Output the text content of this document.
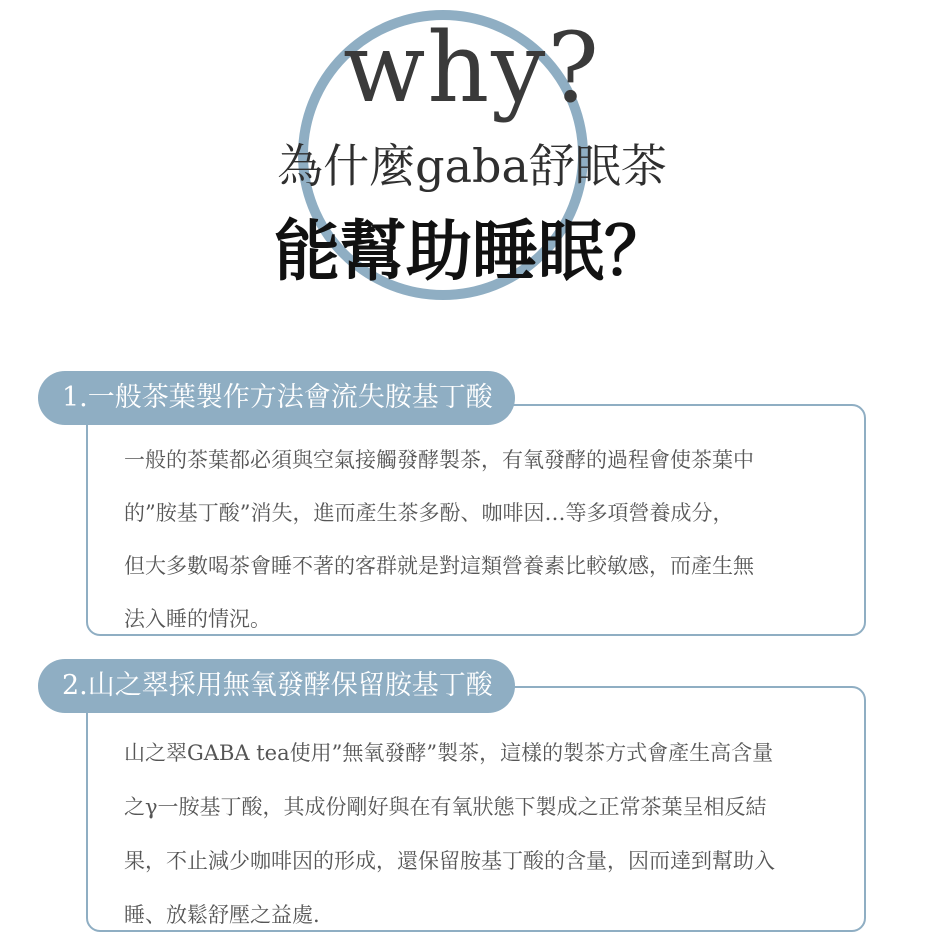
why?
為什麼gaba舒眠茶
能幫助睡眠？
1.一般茶葉製作方法會流失胺基丁酸

一般的茶葉都必須與空氣接觸發酵製茶，有氧發酵的過程會使茶葉中

的”胺基丁酸”消失，進而產生茶多酚、咖啡因…等多項營養成分，

但大多數喝茶會睡不著的客群就是對這類營養素比較敏感，而產生無

法入睡的情況。

2.山之翠採用無氧發酵保留胺基丁酸

山之翠GABA tea使用”無氧發酵”製茶，這樣的製茶方式會產生高含量

之γ一胺基丁酸，其成份剛好與在有氧狀態下製成之正常茶葉呈相反結

果，不止減少咖啡因的形成，還保留胺基丁酸的含量，因而達到幫助入

睡、放鬆舒壓之益處.
